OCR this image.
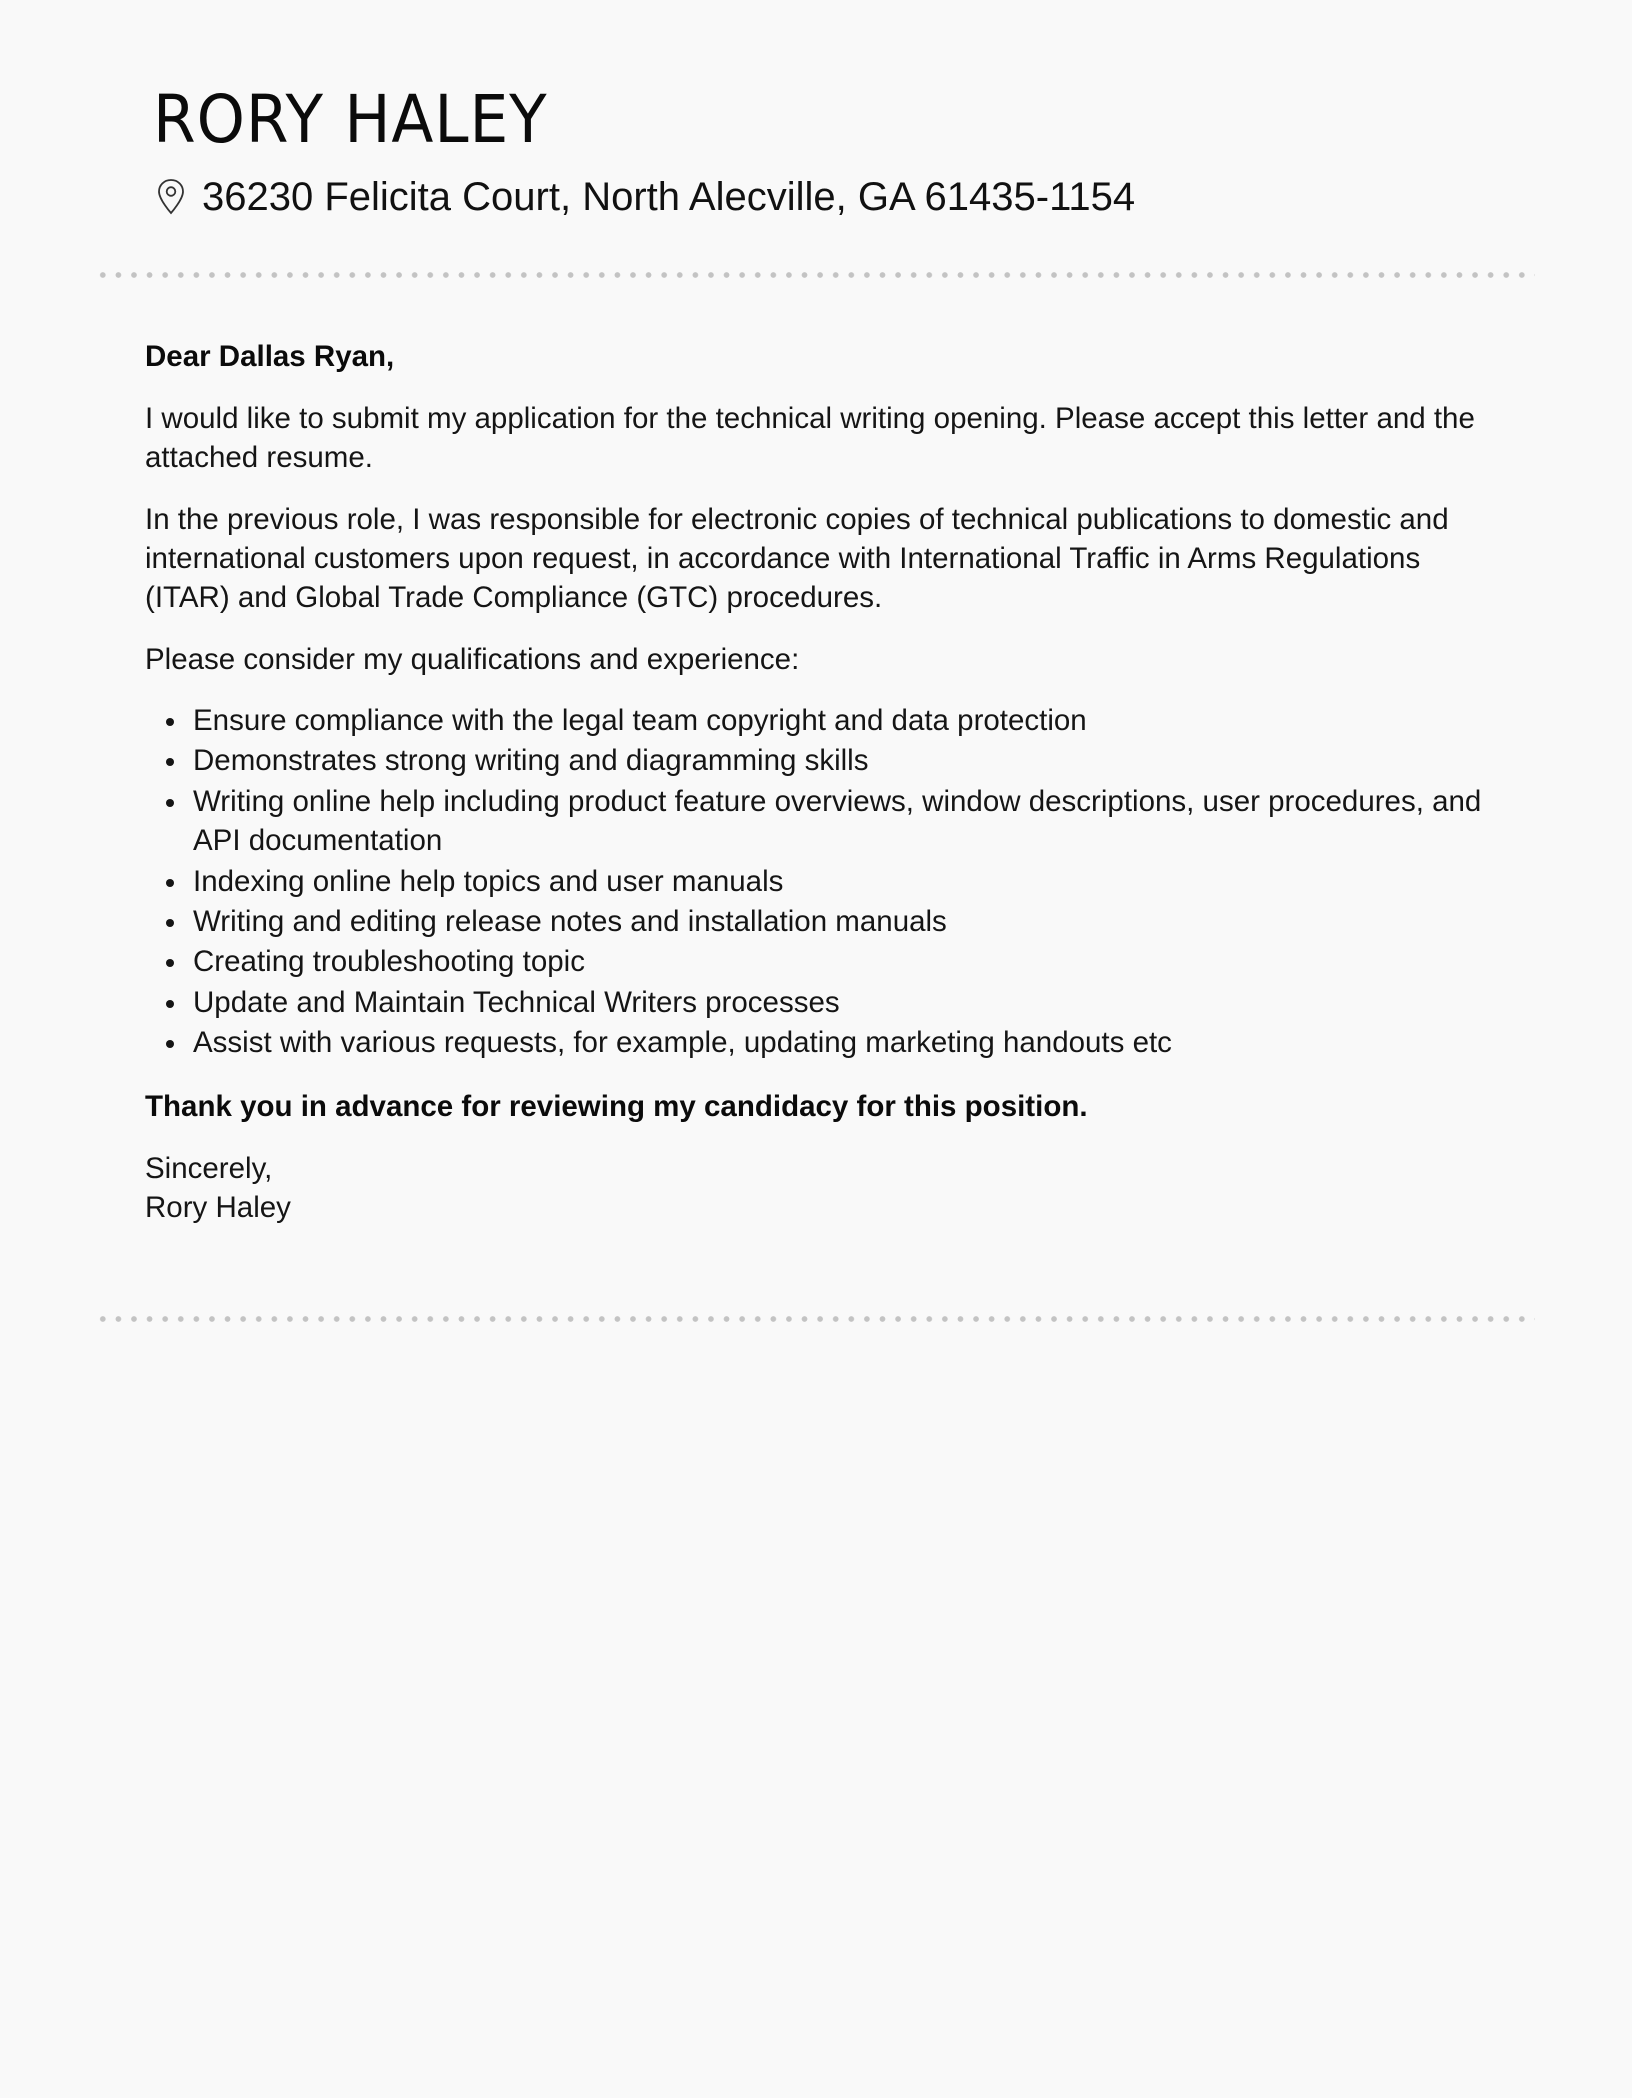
RORY HALEY
36230 Felicita Court, North Alecville, GA 61435-1154

Dear Dallas Ryan,

I would like to submit my application for the technical writing opening. Please accept this letter and the attached resume.

In the previous role, I was responsible for electronic copies of technical publications to domestic and international customers upon request, in accordance with International Traffic in Arms Regulations (ITAR) and Global Trade Compliance (GTC) procedures.

Please consider my qualifications and experience:

Ensure compliance with the legal team copyright and data protection
Demonstrates strong writing and diagramming skills
Writing online help including product feature overviews, window descriptions, user procedures, and API documentation
Indexing online help topics and user manuals
Writing and editing release notes and installation manuals
Creating troubleshooting topic
Update and Maintain Technical Writers processes
Assist with various requests, for example, updating marketing handouts etc

Thank you in advance for reviewing my candidacy for this position.

Sincerely,
Rory Haley
